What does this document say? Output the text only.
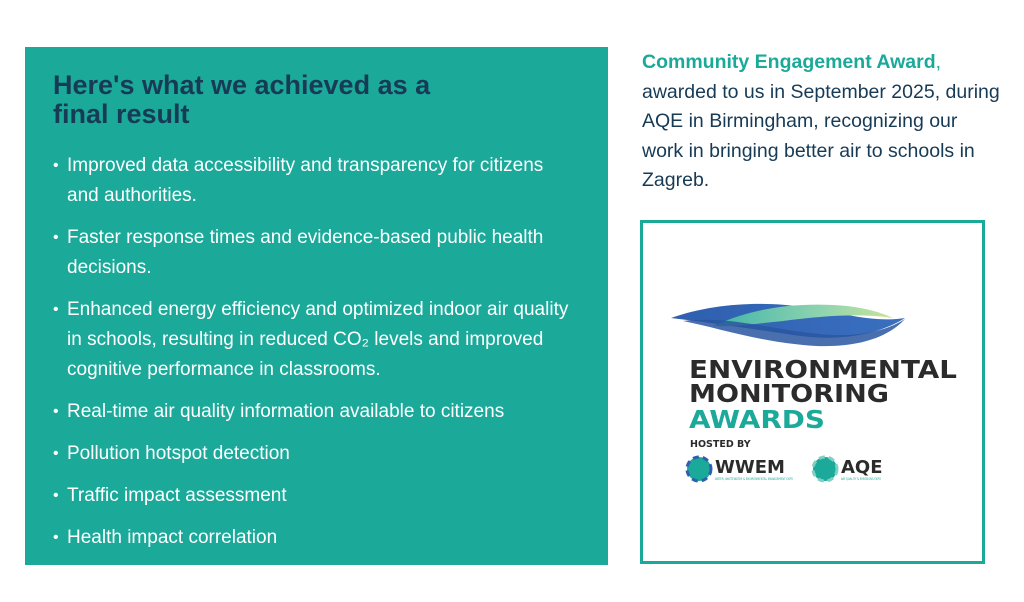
Here's what we achieved as a final result
• Improved data accessibility and transparency for citizens and authorities.
• Faster response times and evidence-based public health decisions.
• Enhanced energy efficiency and optimized indoor air quality in schools, resulting in reduced CO₂ levels and improved cognitive performance in classrooms.
• Real-time air quality information available to citizens
• Pollution hotspot detection
• Traffic impact assessment
• Health impact correlation
Community Engagement Award, awarded to us in September 2025, during AQE in Birmingham, recognizing our work in bringing better air to schools in Zagreb.
ENVIRONMENTAL
MONITORING
AWARDS
HOSTED BY
WWEM
WATER, WASTEWATER & ENVIRONMENTAL MANAGEMENT EXPO
AQE
AIR QUALITY & EMISSIONS EXPO
